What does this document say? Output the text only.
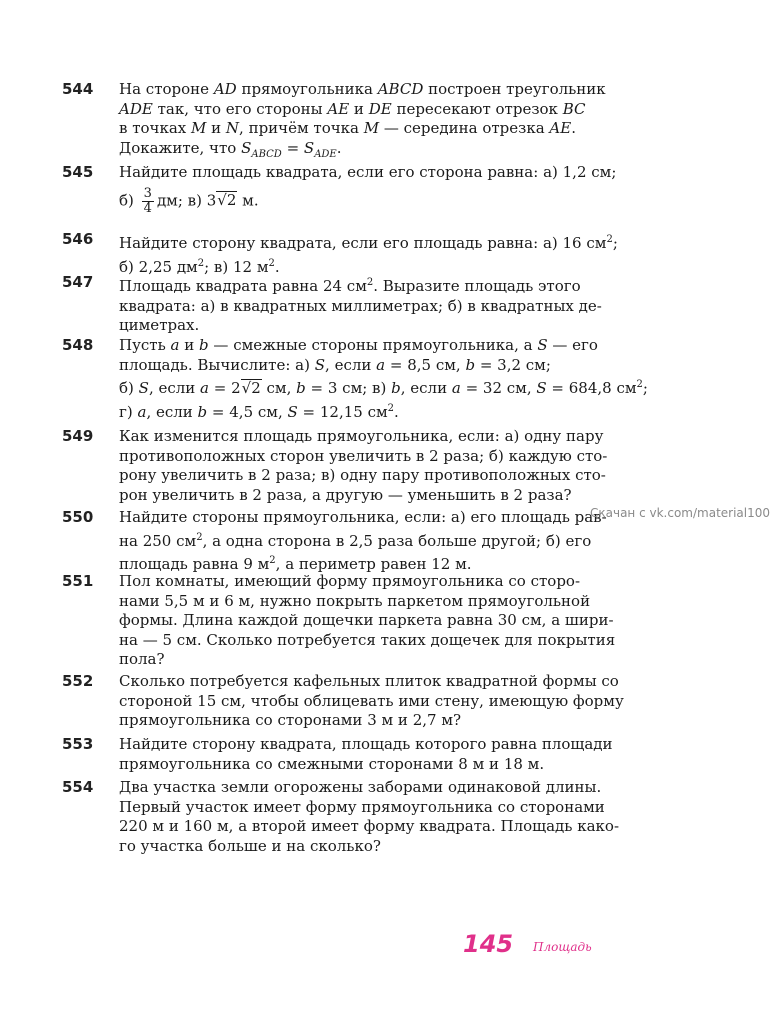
544 На стороне AD прямоугольника ABCD построен треугольник
ADE так, что его стороны AE и DE пересекают отрезок BC
в точках M и N, причём точка M — середина отрезка AE.
Докажите, что $S_{ABCD} = S_{ADE}$.
545 Найдите площадь квадрата, если его сторона равна: а) 1,2 см;
$б) \frac{3}{4}$ дм; в) 3√2 м.
546 Найдите сторону квадрата, если его площадь равна: а) 16 $см^2$;
б) 2,25 $дм^2$; в) 12 $м^2$.
547 Площадь квадрата равна 24 $см^2$. Выразите площадь этого
квадрата: а) в квадратных миллиметрах; б) в квадратных де-
циметрах.
548 Пусть a и b — смежные стороны прямоугольника, а S — его
площадь. Вычислите: а) S, если a = 8,5 см, b = 3,2 см;
б) S, если a = 2√2 см, b = 3 см; в) b, если a = 32 см, S = 684,8 $см^2$;
г) a, если b = 4,5 см, S = 12,15 $см^2$.
549 Как изменится площадь прямоугольника, если: а) одну пару
противоположных сторон увеличить в 2 раза; б) каждую сто-
рону увеличить в 2 раза; в) одну пару противоположных сто-
рон увеличить в 2 раза, а другую — уменьшить в 2 раза?
550 Найдите стороны прямоугольника, если: а) его площадь рав-
на 250 $см^2$, а одна сторона в 2,5 раза больше другой; б) его
площадь равна 9 $м^2$, а периметр равен 12 м.
551 Пол комнаты, имеющий форму прямоугольника со сторо-
нами 5,5 м и 6 м, нужно покрыть паркетом прямоугольной
формы. Длина каждой дощечки паркета равна 30 см, а шири-
на — 5 см. Сколько потребуется таких дощечек для покрытия
пола?
552 Сколько потребуется кафельных плиток квадратной формы со
стороной 15 см, чтобы облицевать ими стену, имеющую форму
прямоугольника со сторонами 3 м и 2,7 м?
553 Найдите сторону квадрата, площадь которого равна площади
прямоугольника со смежными сторонами 8 м и 18 м.
554 Два участка земли огорожены заборами одинаковой длины.
Первый участок имеет форму прямоугольника со сторонами
220 м и 160 м, а второй имеет форму квадрата. Площадь како-
го участка больше и на сколько?
Скачан с vk.com/material100
145 Площадь
